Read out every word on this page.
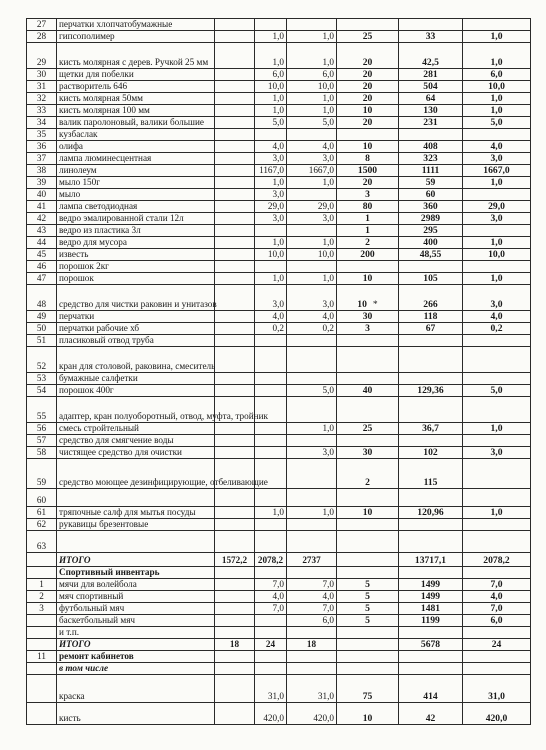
27	перчатки хлопчатобумажные						
28	гипсополимер		1,0	1,0	25	33	1,0
29	кисть молярная с дерев. Ручкой 25 мм		1,0	1,0	20	42,5	1,0
30	щетки для побелки		6,0	6,0	20	281	6,0
31	растворитель 646		10,0	10,0	20	504	10,0
32	кисть молярная 50мм		1,0	1,0	20	64	1,0
33	кисть молярная 100 мм		1,0	1,0	10	130	1,0
34	валик паролоновый, валики большие		5,0	5,0	20	231	5,0
35	кузбаслак						
36	олифа		4,0	4,0	10	408	4,0
37	лампа люминесцентная		3,0	3,0	8	323	3,0
38	линолеум		1167,0	1667,0	1500	1111	1667,0
39	мыло 150г		1,0	1,0	20	59	1,0
40	мыло		3,0		3	60	
41	лампа светодиодная		29,0	29,0	80	360	29,0
42	ведро эмалированной стали 12л		3,0	3,0	1	2989	3,0
43	ведро из пластика 3л				1	295	
44	ведро для мусора		1,0	1,0	2	400	1,0
45	известь		10,0	10,0	200	48,55	10,0
46	порошок 2кг						
47	порошок		1,0	1,0	10	105	1,0
48	средство для чистки раковин и унитазов		3,0	3,0	10 *	266	3,0
49	перчатки		4,0	4,0	30	118	4,0
50	перчатки рабочие хб		0,2	0,2	3	67	0,2
51	пласиковый отвод труба						
52	кран для столовой, раковина, смеситель						
53	бумажные салфетки						
54	порошок 400г			5,0	40	129,36	5,0
55	адаптер, кран полуоборотный, отвод, муфта, тройник						
56	смесь стройтельный			1,0	25	36,7	1,0
57	средство для смягчение воды						
58	чистящее средство для очистки			3,0	30	102	3,0
59	средство моющее дезинфицирующие, отбеливающие				2	115	
60							
61	тряпочные салф для мытья посуды		1,0	1,0	10	120,96	1,0
62	рукавицы брезентовые						
63							
	ИТОГО	1572,2	2078,2	2737		13717,1	2078,2
	Спортивный инвентарь						
1	мячи для волейбола		7,0	7,0	5	1499	7,0
2	мяч спортивный		4,0	4,0	5	1499	4,0
3	футбольный мяч		7,0	7,0	5	1481	7,0
	баскетбольный мяч			6,0	5	1199	6,0
	и т.п.						
	ИТОГО	18	24	18		5678	24
11	ремонт кабинетов						
	в том числе						
	краска		31,0	31,0	75	414	31,0
	кисть		420,0	420,0	10	42	420,0
